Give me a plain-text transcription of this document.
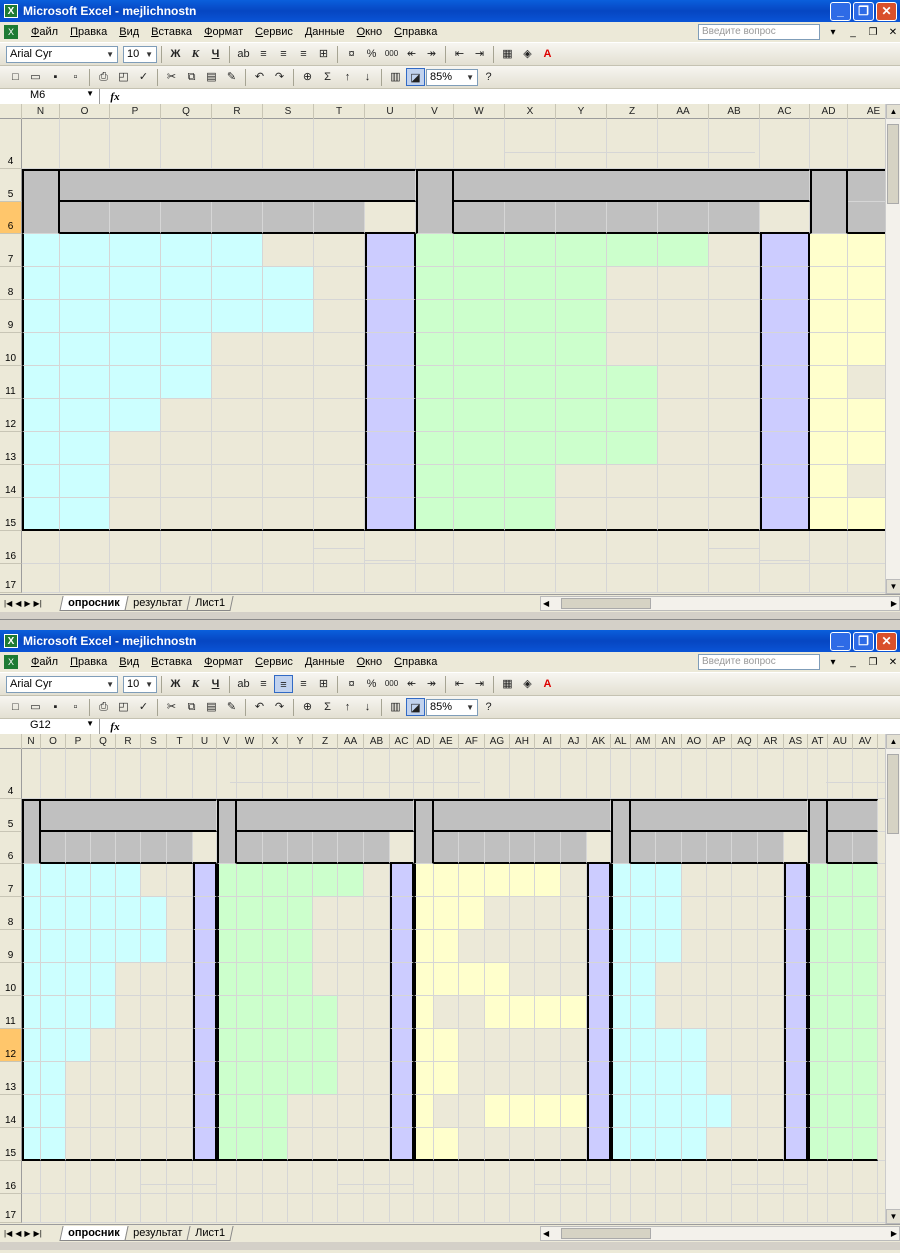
X Microsoft Excel - mejlichnostn	_	❐	✕
X	Файл	Правка	Вид	Вставка	Формат	Сервис	Данные	Окно	Справка	Введите вопрос	▾	_	❐ ✕
Arial Cyr	▼ 10 ▼	Ж	К	Ч	ab ≡	≡	≡	⊞	¤	%	000 ↞ ↠	⇤ ⇥	▦ ◈	A
□	▭	▪	▫	⎙ ◰ ✓	✂	⧉ ▤ ✎	↶ ↷	⊕	Σ	↑	↓	▥ ◪ 85% ▼	?
M6	▼	fx
N	O	P	Q	R	S	T	U	V	W	X	Y	Z	AA	AB	AC	AD	AE
4
5
6
7
8
9
10
11
12
13
14
15
16
17
▲
▼
|◀ ◀ ▶ ▶|	опросник	результат	Лист1	◀	▶
X Microsoft Excel - mejlichnostn	_	❐	✕
X	Файл	Правка	Вид	Вставка	Формат	Сервис	Данные	Окно	Справка	Введите вопрос	▾	_	❐ ✕
Arial Cyr	▼ 10 ▼	Ж	К	Ч	ab ≡	≡	≡	⊞	¤	%	000 ↞ ↠	⇤ ⇥	▦ ◈	A
□	▭	▪	▫	⎙ ◰ ✓	✂	⧉ ▤ ✎	↶ ↷	⊕	Σ	↑	↓	▥ ◪ 85% ▼	?
G12	▼	fx
N	O	P	Q	R	S	T	U	V	W	X	Y	Z	AA	AB	AC AD AE	AF	AG	AH	AI	AJ	AK AL AM	AN	AO	AP	AQ	AR	AS AT AU	AV
4
5
6
7
8
9
10
11
12
13
14
15
16
17
▲
▼
|◀ ◀ ▶ ▶|	опросник	результат	Лист1	◀	▶
